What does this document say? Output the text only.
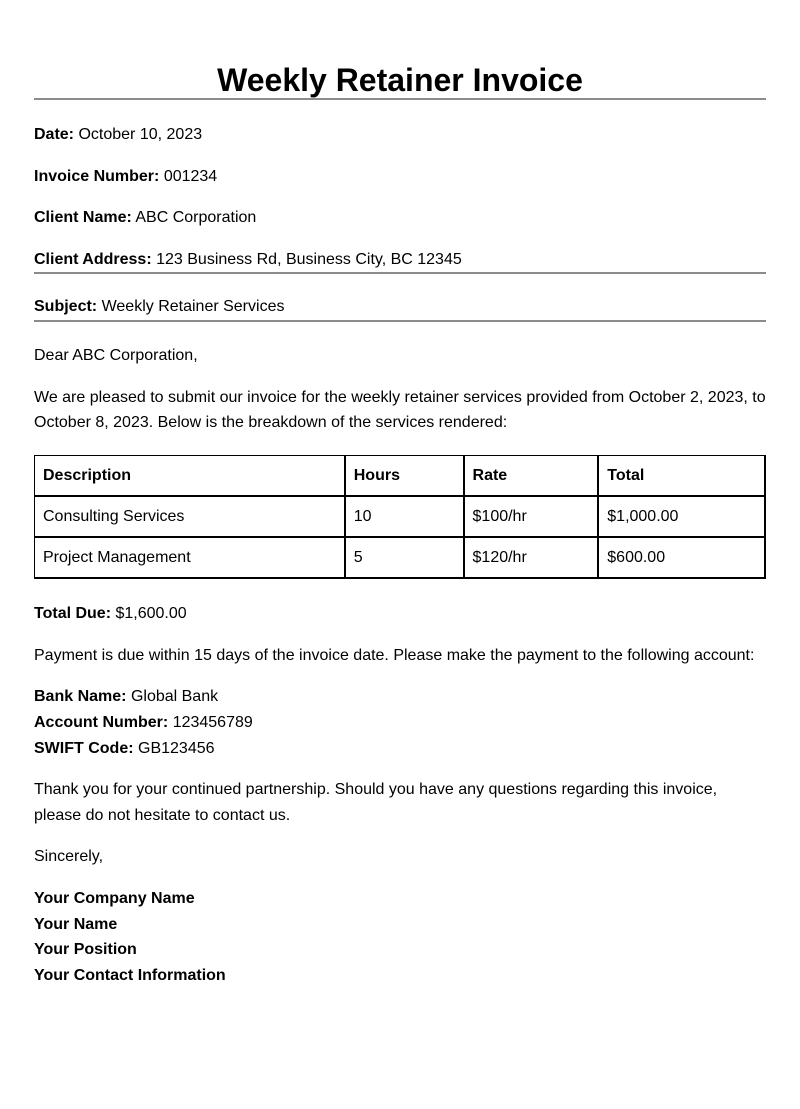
Weekly Retainer Invoice

Date: October 10, 2023

Invoice Number: 001234

Client Name: ABC Corporation

Client Address: 123 Business Rd, Business City, BC 12345

Subject: Weekly Retainer Services

Dear ABC Corporation,

We are pleased to submit our invoice for the weekly retainer services provided from October 2, 2023, to October 8, 2023. Below is the breakdown of the services rendered:

Description	Hours	Rate	Total
Consulting Services	10	$100/hr	$1,000.00
Project Management	5	$120/hr	$600.00

Total Due: $1,600.00

Payment is due within 15 days of the invoice date. Please make the payment to the following account:

Bank Name: Global Bank

Account Number: 123456789

SWIFT Code: GB123456

Thank you for your continued partnership. Should you have any questions regarding this invoice, please do not hesitate to contact us.

Sincerely,

Your Company Name

Your Name

Your Position

Your Contact Information
